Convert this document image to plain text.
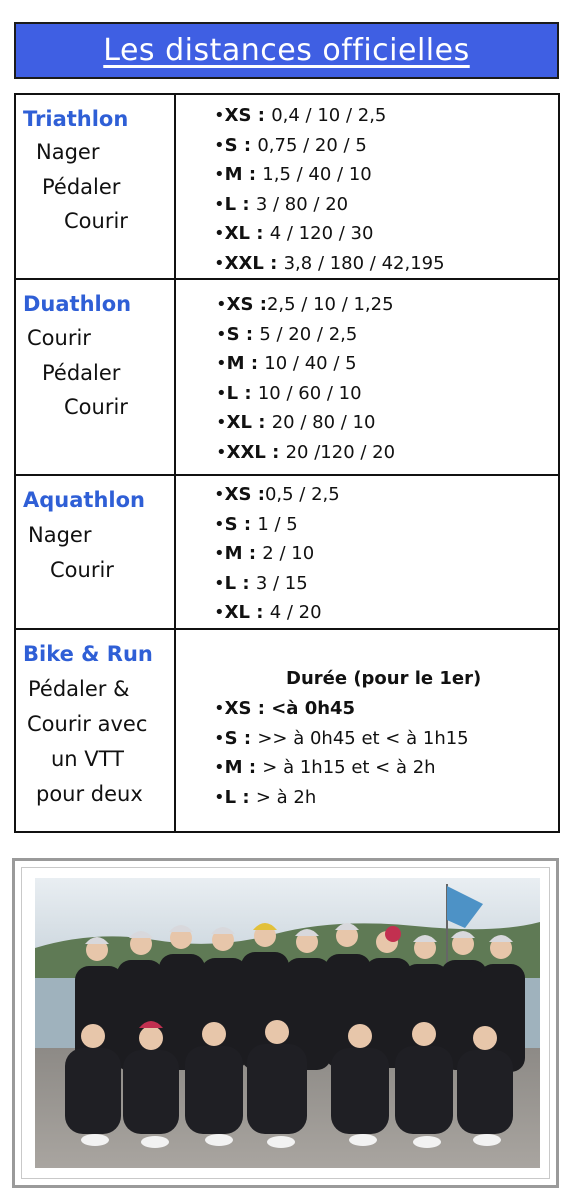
Les distances officielles
Triathlon
Nager
Pédaler
Courir
•XS : 0,4 / 10 / 2,5
•S : 0,75 / 20 / 5
•M : 1,5 / 40 / 10
•L : 3 / 80 / 20
•XL : 4 / 120 / 30
•XXL : 3,8 / 180 / 42,195
Duathlon
Courir
Pédaler
Courir
•XS :2,5 / 10 / 1,25
•S : 5 / 20 / 2,5
•M : 10 / 40 / 5
•L : 10 / 60 / 10
•XL : 20 / 80 / 10
•XXL : 20 /120 / 20
Aquathlon
Nager
Courir
•XS :0,5 / 2,5
•S : 1 / 5
•M : 2 / 10
•L : 3 / 15
•XL : 4 / 20
Bike & Run
Pédaler &
Courir avec
un VTT
pour deux
Durée (pour le 1er)
•XS : <à 0h45
•S : >> à 0h45 et < à 1h15
•M : > à 1h15 et < à 2h
•L : > à 2h
